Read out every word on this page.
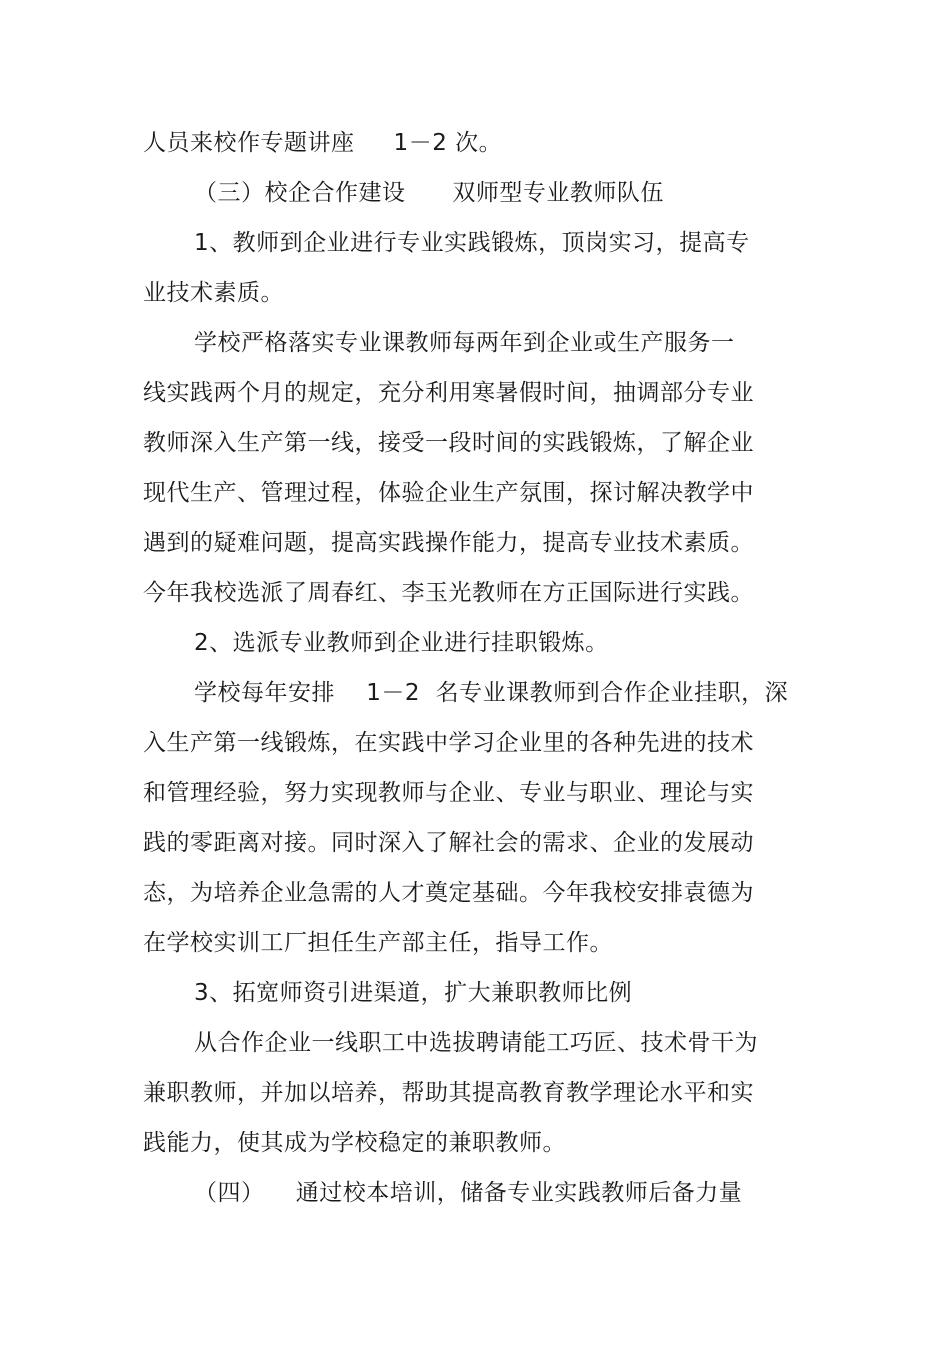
人员来校作专题讲座     1－2 次。
（三）校企合作建设      双师型专业教师队伍
1、教师到企业进行专业实践锻炼，顶岗实习，提高专
业技术素质。
学校严格落实专业课教师每两年到企业或生产服务一
线实践两个月的规定，充分利用寒暑假时间，抽调部分专业
教师深入生产第一线，接受一段时间的实践锻炼，了解企业
现代生产、管理过程，体验企业生产氛围，探讨解决教学中
遇到的疑难问题，提高实践操作能力，提高专业技术素质。
今年我校选派了周春红、李玉光教师在方正国际进行实践。
2、选派专业教师到企业进行挂职锻炼。
学校每年安排    1－2  名专业课教师到合作企业挂职，深
入生产第一线锻炼，在实践中学习企业里的各种先进的技术
和管理经验，努力实现教师与企业、专业与职业、理论与实
践的零距离对接。同时深入了解社会的需求、企业的发展动
态，为培养企业急需的人才奠定基础。今年我校安排袁德为
在学校实训工厂担任生产部主任，指导工作。
3、拓宽师资引进渠道，扩大兼职教师比例
从合作企业一线职工中选拔聘请能工巧匠、技术骨干为
兼职教师，并加以培养，帮助其提高教育教学理论水平和实
践能力，使其成为学校稳定的兼职教师。
（四）    通过校本培训，储备专业实践教师后备力量
